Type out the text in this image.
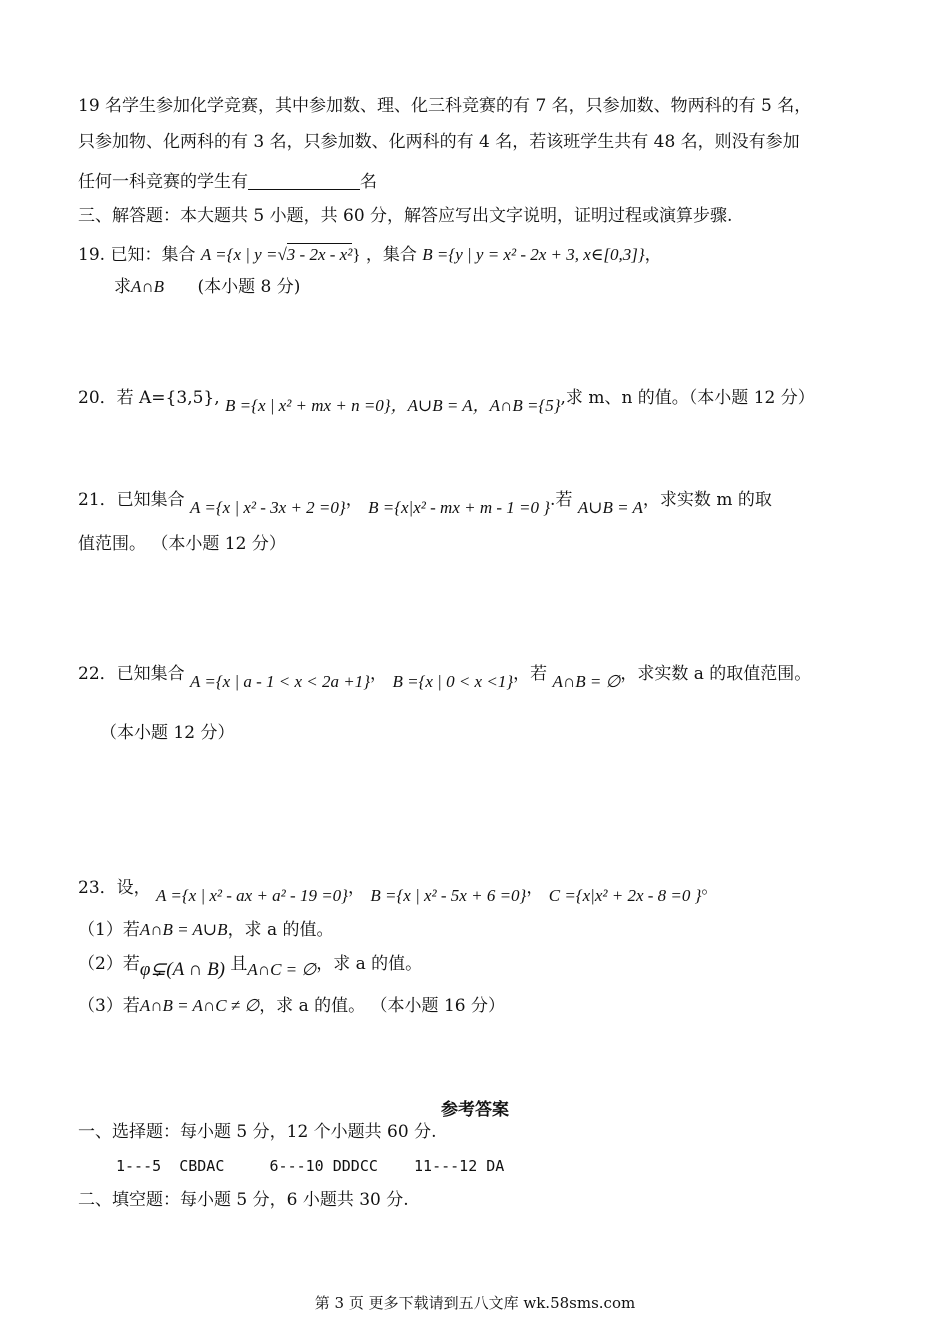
19 名学生参加化学竞赛，其中参加数、理、化三科竞赛的有 7 名，只参加数、物两科的有 5 名，
只参加物、化两科的有 3 名，只参加数、化两科的有 4 名，若该班学生共有 48 名，则没有参加
任何一科竞赛的学生有	名
三、解答题：本大题共 5 小题，共 60 分，解答应写出文字说明，证明过程或演算步骤.
19. 已知：集合 A ={x | y =√3 - 2x - x²} ，集合 B ={y | y = x² - 2x + 3, x∈[0,3]}，
求A∩B (本小题 8 分)
20．若 A={3,5}, B ={x | x² + mx + n =0}，A∪B = A，A∩B ={5},求 m、n 的值。（本小题 12 分）
21．已知集合 A ={x | x² - 3x + 2 =0}， B ={x|x² - mx + m - 1 =0 }.若 A∪B = A，求实数 m 的取
值范围。 （本小题 12 分）
22．已知集合 A ={x | a - 1 < x < 2a +1}， B ={x | 0 < x <1}，若 A∩B = ∅，求实数 a 的取值范围。
（本小题 12 分）
23．设， A ={x | x² - ax + a² - 19 =0}， B ={x | x² - 5x + 6 =0}， C ={x|x² + 2x - 8 =0 }。
（1）若A∩B = A∪B，求 a 的值。
（2）若φ⊊(A ∩ B) 且A∩C = ∅，求 a 的值。
（3）若A∩B = A∩C ≠ ∅，求 a 的值。 （本小题 16 分）
参考答案
一、选择题：每小题 5 分，12 个小题共 60 分.
1---5  CBDAC     6---10 DDDCC    11---12 DA
二、填空题：每小题 5 分，6 小题共 30 分.
第 3 页 更多下载请到五八文库 wk.58sms.com
